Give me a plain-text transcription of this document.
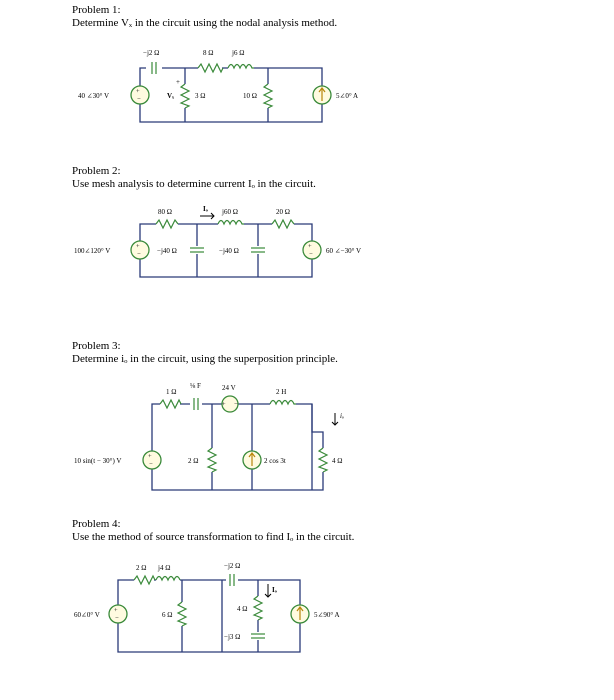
Problem 1:
Determine Vₓ in the circuit using the nodal analysis method.
Problem 2:
Use mesh analysis to determine current Iₒ in the circuit.
Problem 3:
Determine iₒ in the circuit, using the superposition principle.
Problem 4:
Use the method of source transformation to find Iₒ in the circuit.
−j2 Ω	8 Ω	j6 Ω
+
−
40 ∠30° V
+
Vₓ	3 Ω	10 Ω	5∠0° A
80 Ω	Iₒ j60 Ω	20 Ω
+
−
100∠120° V	−j40 Ω	−j40 Ω
+
− 60 ∠−30° V
1 Ω
⅛ F
+ −
24 V	2 H
iₒ
+
−
10 sin(t − 30°) V	2 Ω	2 cos 3t	4 Ω
2 Ω j4 Ω	−j2 Ω
Iₒ
+
−
60∠0° V	6 Ω
4 Ω
−j3 Ω
5∠90° A
